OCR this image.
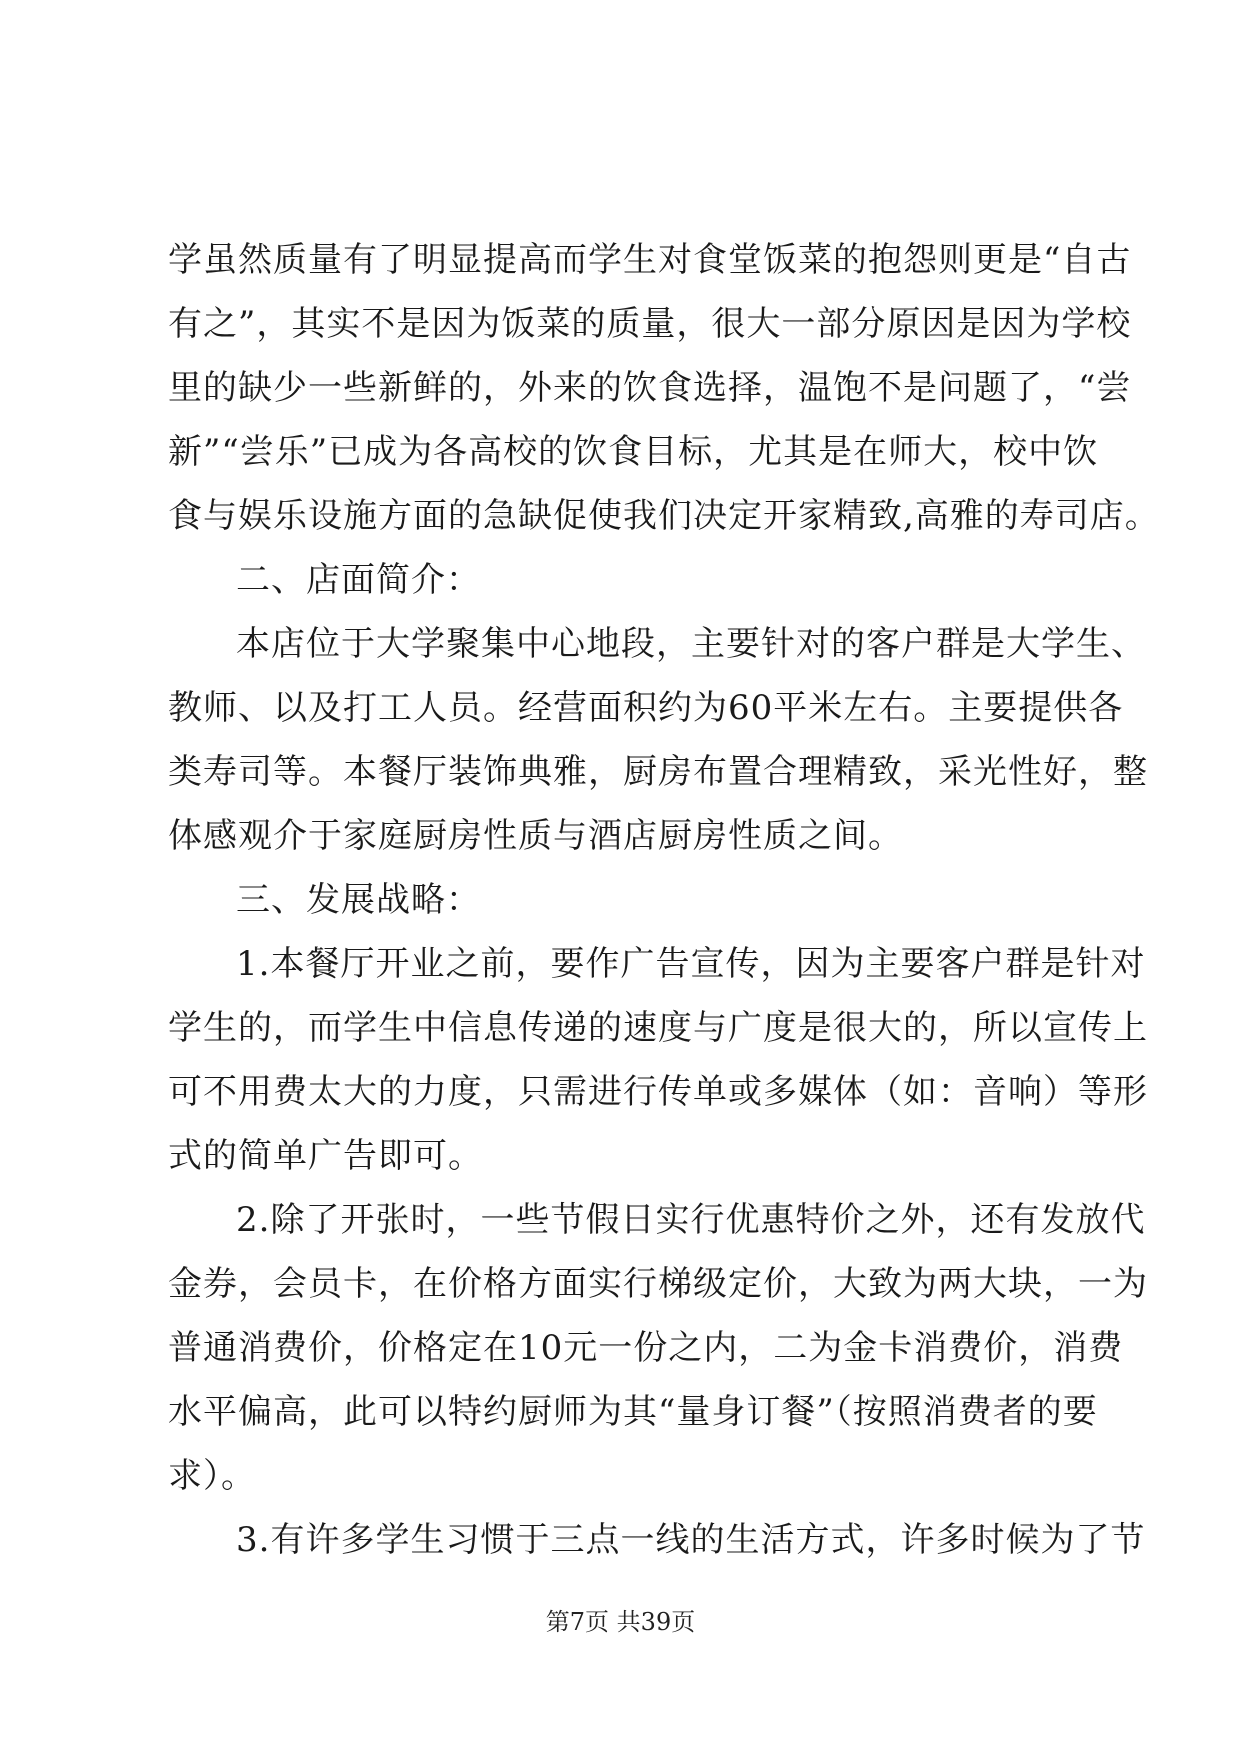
学虽然质量有了明显提高而学生对食堂饭菜的抱怨则更是“自古
有之”，其实不是因为饭菜的质量，很大一部分原因是因为学校
里的缺少一些新鲜的，外来的饮食选择，温饱不是问题了，“尝
新”“尝乐”已成为各高校的饮食目标，尤其是在师大，校中饮
食与娱乐设施方面的急缺促使我们决定开家精致,高雅的寿司店。
二、店面简介：
本店位于大学聚集中心地段，主要针对的客户群是大学生、
教师、以及打工人员。经营面积约为60平米左右。主要提供各
类寿司等。本餐厅装饰典雅，厨房布置合理精致，采光性好，整
体感观介于家庭厨房性质与酒店厨房性质之间。
三、发展战略：
1.本餐厅开业之前，要作广告宣传，因为主要客户群是针对
学生的，而学生中信息传递的速度与广度是很大的，所以宣传上
可不用费太大的力度，只需进行传单或多媒体（如：音响）等形
式的简单广告即可。
2.除了开张时，一些节假日实行优惠特价之外，还有发放代
金券，会员卡，在价格方面实行梯级定价，大致为两大块，一为
普通消费价，价格定在10元一份之内，二为金卡消费价，消费
水平偏高，此可以特约厨师为其“量身订餐”（按照消费者的要
求）。
3.有许多学生习惯于三点一线的生活方式，许多时候为了节
第7页 共39页
